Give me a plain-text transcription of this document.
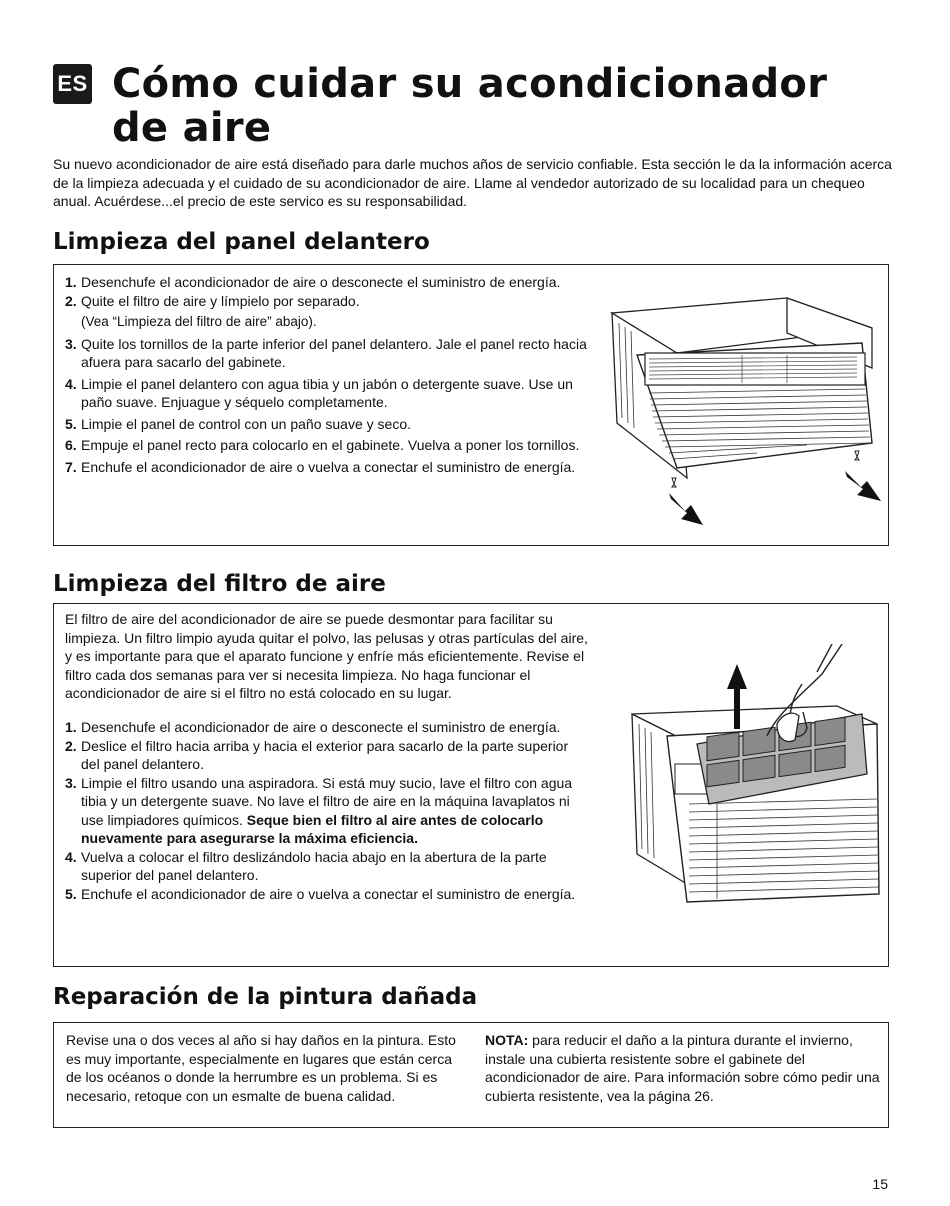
ES Cómo cuidar su acondicionador
de aire
Su nuevo acondicionador de aire está diseñado para darle muchos años de servicio confiable. Esta sección le da la información acerca de la limpieza adecuada y el cuidado de su acondicionador de aire. Llame al vendedor autorizado de su localidad para un chequeo anual. Acuérdese...el precio de este servico es su responsabilidad.
Limpieza del panel delantero
1. Desenchufe el acondicionador de aire o desconecte el suministro de energía.
2. Quite el filtro de aire y límpielo por separado.
(Vea “Limpieza del filtro de aire” abajo).
3. Quite los tornillos de la parte inferior del panel delantero. Jale el panel recto hacia afuera para sacarlo del gabinete.
4. Limpie el panel delantero con agua tibia y un jabón o detergente suave. Use un paño suave. Enjuague y séquelo completamente.
5. Limpie el panel de control con un paño suave y seco.
6. Empuje el panel recto para colocarlo en el gabinete. Vuelva a poner los tornillos.
7. Enchufe el acondicionador de aire o vuelva a conectar el suministro de energía.
Limpieza del filtro de aire
El filtro de aire del acondicionador de aire se puede desmontar para facilitar su limpieza. Un filtro limpio ayuda quitar el polvo, las pelusas y otras partículas del aire, y es importante para que el aparato funcione y enfríe más eficientemente. Revise el filtro cada dos semanas para ver si necesita limpieza. No haga funcionar el acondicionador de aire si el filtro no está colocado en su lugar.
1. Desenchufe el acondicionador de aire o desconecte el suministro de energía.
2. Deslice el filtro hacia arriba y hacia el exterior para sacarlo de la parte superior del panel delantero.
3. Limpie el filtro usando una aspiradora. Si está muy sucio, lave el filtro con agua tibia y un detergente suave. No lave el filtro de aire en la máquina lavaplatos ni use limpiadores químicos. Seque bien el filtro al aire antes de colocarlo nuevamente para asegurarse la máxima eficiencia.
4. Vuelva a colocar el filtro deslizándolo hacia abajo en la abertura de la parte superior del panel delantero.
5. Enchufe el acondicionador de aire o vuelva a conectar el suministro de energía.
Reparación de la pintura dañada
Revise una o dos veces al año si hay daños en la pintura. Esto es muy importante, especialmente en lugares que están cerca de los océanos o donde la herrumbre es un problema. Si es necesario, retoque con un esmalte de buena calidad.
NOTA: para reducir el daño a la pintura durante el invierno, instale una cubierta resistente sobre el gabinete del acondicionador de aire. Para información sobre cómo pedir una cubierta resistente, vea la página 26.
15
